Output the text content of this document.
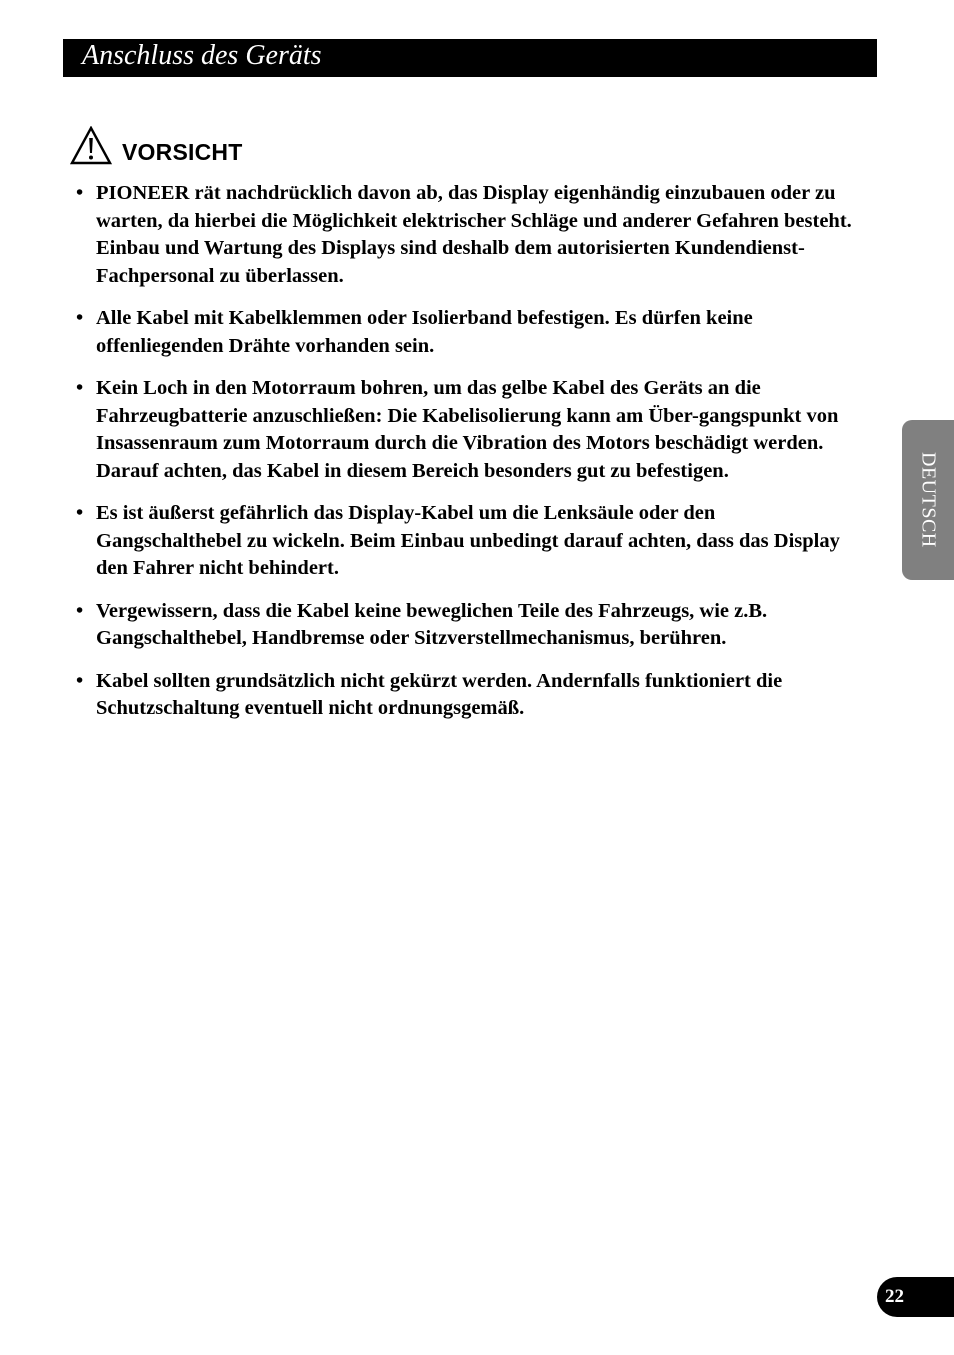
Anschluss des Geräts
VORSICHT
• PIONEER rät nachdrücklich davon ab, das Display eigenhändig einzubauen oder zu warten, da hierbei die Möglichkeit elektrischer Schläge und anderer Gefahren besteht. Einbau und Wartung des Displays sind deshalb dem autorisierten Kundendienst-Fachpersonal zu überlassen.
• Alle Kabel mit Kabelklemmen oder Isolierband befestigen. Es dürfen keine offenliegenden Drähte vorhanden sein.
• Kein Loch in den Motorraum bohren, um das gelbe Kabel des Geräts an die Fahrzeugbatterie anzuschließen: Die Kabelisolierung kann am Über-gangspunkt von Insassenraum zum Motorraum durch die Vibration des Motors beschädigt werden. Darauf achten, das Kabel in diesem Bereich besonders gut zu befestigen.
• Es ist äußerst gefährlich das Display-Kabel um die Lenksäule oder den Gangschalthebel zu wickeln. Beim Einbau unbedingt darauf achten, dass das Display den Fahrer nicht behindert.
• Vergewissern, dass die Kabel keine beweglichen Teile des Fahrzeugs, wie z.B. Gangschalthebel, Handbremse oder Sitzverstellmechanismus, berühren.
• Kabel sollten grundsätzlich nicht gekürzt werden. Andernfalls funktioniert die Schutzschaltung eventuell nicht ordnungsgemäß.
DEUTSCH
22
